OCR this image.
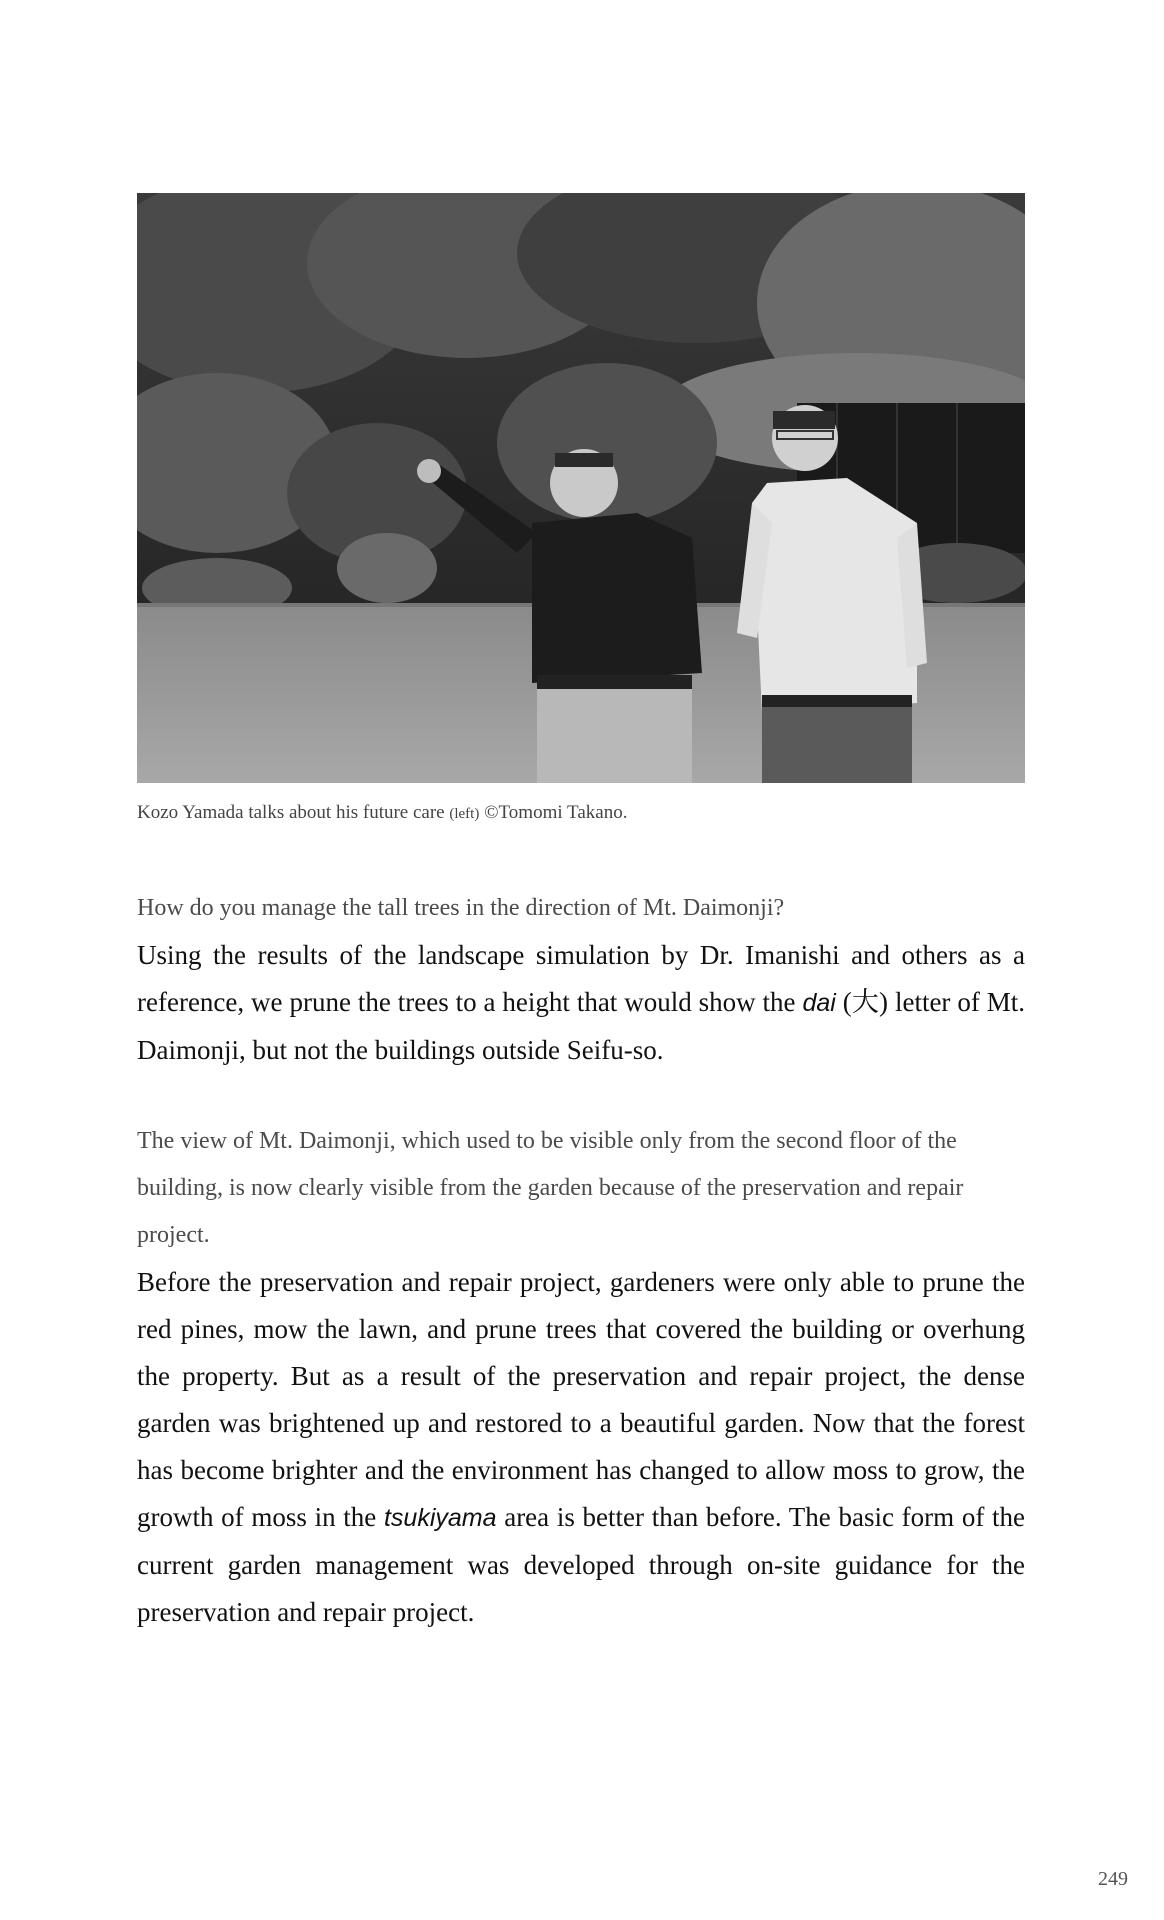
Kozo Yamada talks about his future care (left) ©Tomomi Takano.
How do you manage the tall trees in the direction of Mt. Daimonji?
Using the results of the landscape simulation by Dr. Imanishi and others as a reference, we prune the trees to a height that would show the dai (大) letter of Mt. Daimonji, but not the buildings outside Seifu-so.
The view of Mt. Daimonji, which used to be visible only from the second floor of the building, is now clearly visible from the garden because of the preservation and repair project.
Before the preservation and repair project, gardeners were only able to prune the red pines, mow the lawn, and prune trees that covered the building or overhung the property. But as a result of the preservation and repair project, the dense garden was brightened up and restored to a beautiful garden. Now that the forest has become brighter and the environment has changed to allow moss to grow, the growth of moss in the tsukiyama area is better than before. The basic form of the current garden management was developed through on-site guidance for the preservation and repair project.
249
